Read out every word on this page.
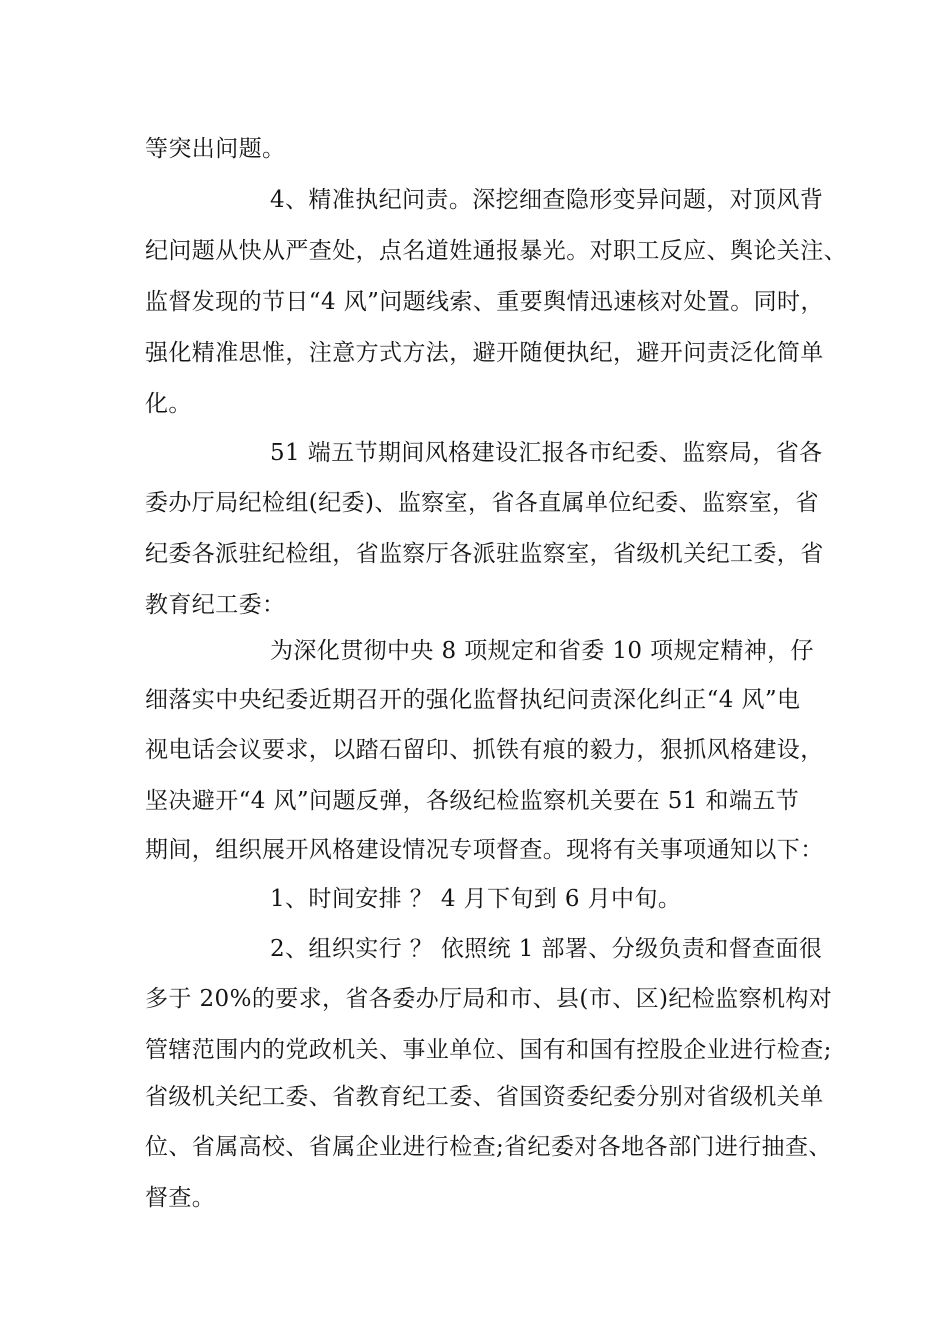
等突出问题。
4、精准执纪问责。深挖细查隐形变异问题，对顶风背
纪问题从快从严查处，点名道姓通报暴光。对职工反应、舆论关注、
监督发现的节日“4 风”问题线索、重要舆情迅速核对处置。同时，
强化精准思惟，注意方式方法，避开随便执纪，避开问责泛化简单
化。
51 端五节期间风格建设汇报各市纪委、监察局，省各
委办厅局纪检组(纪委)、监察室，省各直属单位纪委、监察室，省
纪委各派驻纪检组，省监察厅各派驻监察室，省级机关纪工委，省
教育纪工委：
为深化贯彻中央 8 项规定和省委 10 项规定精神，仔
细落实中央纪委近期召开的强化监督执纪问责深化纠正“4 风”电
视电话会议要求，以踏石留印、抓铁有痕的毅力，狠抓风格建设，
坚决避开“4 风”问题反弹，各级纪检监察机关要在 51 和端五节
期间，组织展开风格建设情况专项督查。现将有关事项通知以下：
1、时间安排 ？ 4 月下旬到 6 月中旬。
2、组织实行 ？ 依照统 1 部署、分级负责和督查面很
多于 20%的要求，省各委办厅局和市、县(市、区)纪检监察机构对
管辖范围内的党政机关、事业单位、国有和国有控股企业进行检查;
省级机关纪工委、省教育纪工委、省国资委纪委分别对省级机关单
位、省属高校、省属企业进行检查;省纪委对各地各部门进行抽查、
督查。
